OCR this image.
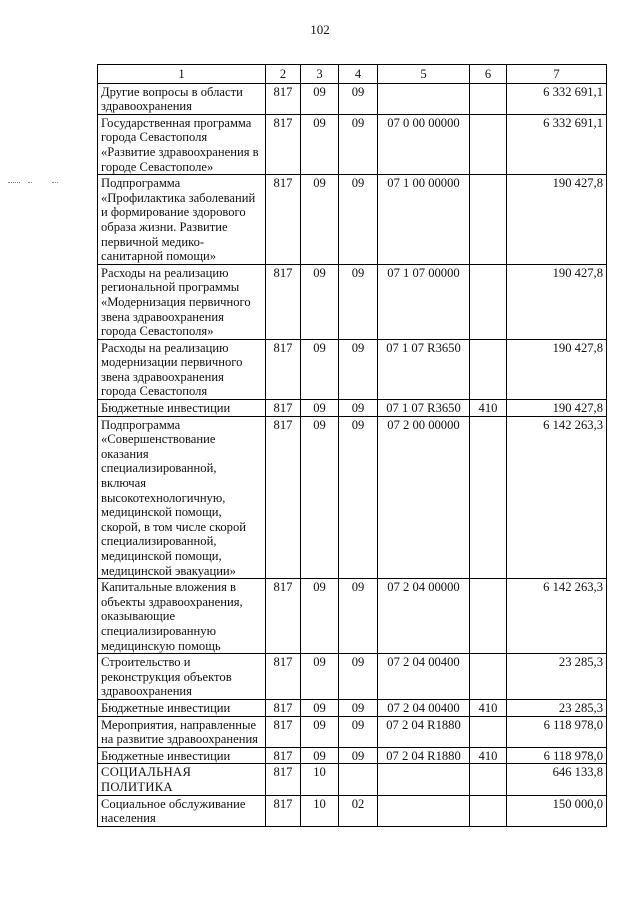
102
1	2	3	4	5	6	7
Другие вопросы в области здравоохранения	817	09	09			6 332 691,1
Государственная программа города Севастополя «Развитие здравоохранения в городе Севастополе»	817	09	09	07 0 00 00000		6 332 691,1
Подпрограмма «Профилактика заболеваний и формирование здорового образа жизни. Развитие первичной медико-санитарной помощи»	817	09	09	07 1 00 00000		190 427,8
Расходы на реализацию региональной программы «Модернизация первичного звена здравоохранения города Севастополя»	817	09	09	07 1 07 00000		190 427,8
Расходы на реализацию модернизации первичного звена здравоохранения города Севастополя	817	09	09	07 1 07 R3650		190 427,8
Бюджетные инвестиции	817	09	09	07 1 07 R3650	410	190 427,8
Подпрограмма «Совершенствование оказания специализированной, включая высокотехнологичную, медицинской помощи, скорой, в том числе скорой специализированной, медицинской помощи, медицинской эвакуации»	817	09	09	07 2 00 00000		6 142 263,3
Капитальные вложения в объекты здравоохранения, оказывающие специализированную медицинскую помощь	817	09	09	07 2 04 00000		6 142 263,3
Строительство и реконструкция объектов здравоохранения	817	09	09	07 2 04 00400		23 285,3
Бюджетные инвестиции	817	09	09	07 2 04 00400	410	23 285,3
Мероприятия, направленные на развитие здравоохранения	817	09	09	07 2 04 R1880		6 118 978,0
Бюджетные инвестиции	817	09	09	07 2 04 R1880	410	6 118 978,0
СОЦИАЛЬНАЯ ПОЛИТИКА	817	10				646 133,8
Социальное обслуживание населения	817	10	02			150 000,0
